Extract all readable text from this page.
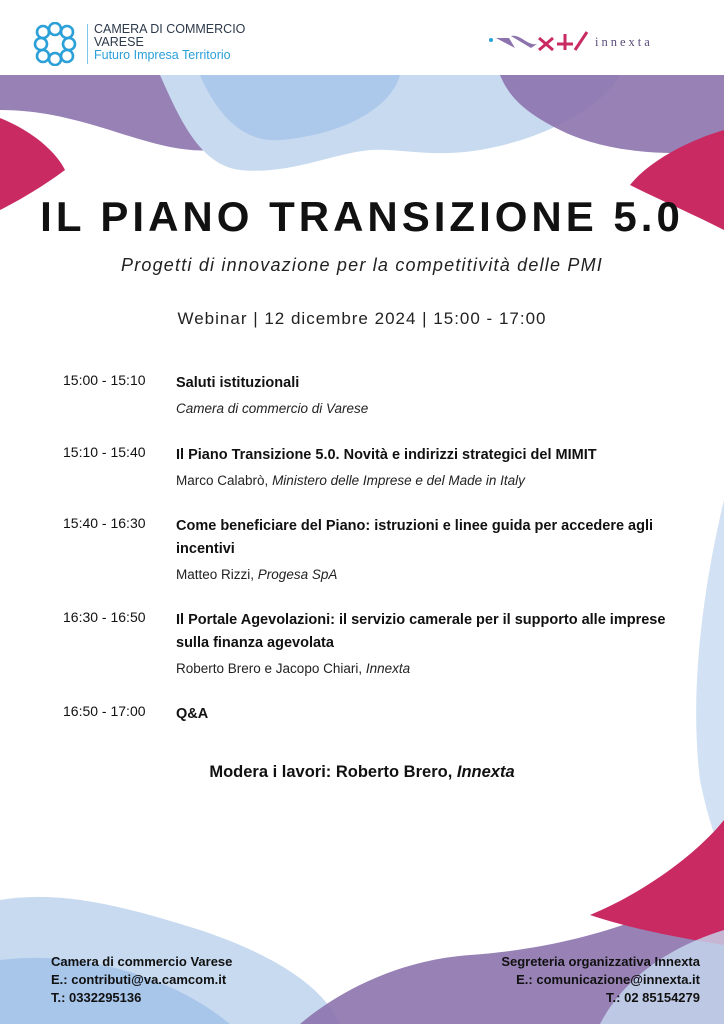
CAMERA DI COMMERCIO
VARESE
Futuro Impresa Territorio
innexta
IL PIANO TRANSIZIONE 5.0
Progetti di innovazione per la competitività delle PMI
Webinar | 12 dicembre 2024 | 15:00 - 17:00
15:00 - 15:10 Saluti istituzionali
Camera di commercio di Varese
15:10 - 15:40 Il Piano Transizione 5.0. Novità e indirizzi strategici del MIMIT
Marco Calabrò, Ministero delle Imprese e del Made in Italy
15:40 - 16:30 Come beneficiare del Piano: istruzioni e linee guida per accedere agli incentivi
Matteo Rizzi, Progesa SpA
16:30 - 16:50 Il Portale Agevolazioni: il servizio camerale per il supporto alle imprese sulla finanza agevolata
Roberto Brero e Jacopo Chiari, Innexta
16:50 - 17:00 Q&A
Modera i lavori: Roberto Brero, Innexta
Camera di commercio Varese
E.: contributi@va.camcom.it
T.: 0332295136
Segreteria organizzativa Innexta
E.: comunicazione@innexta.it
T.: 02 85154279
